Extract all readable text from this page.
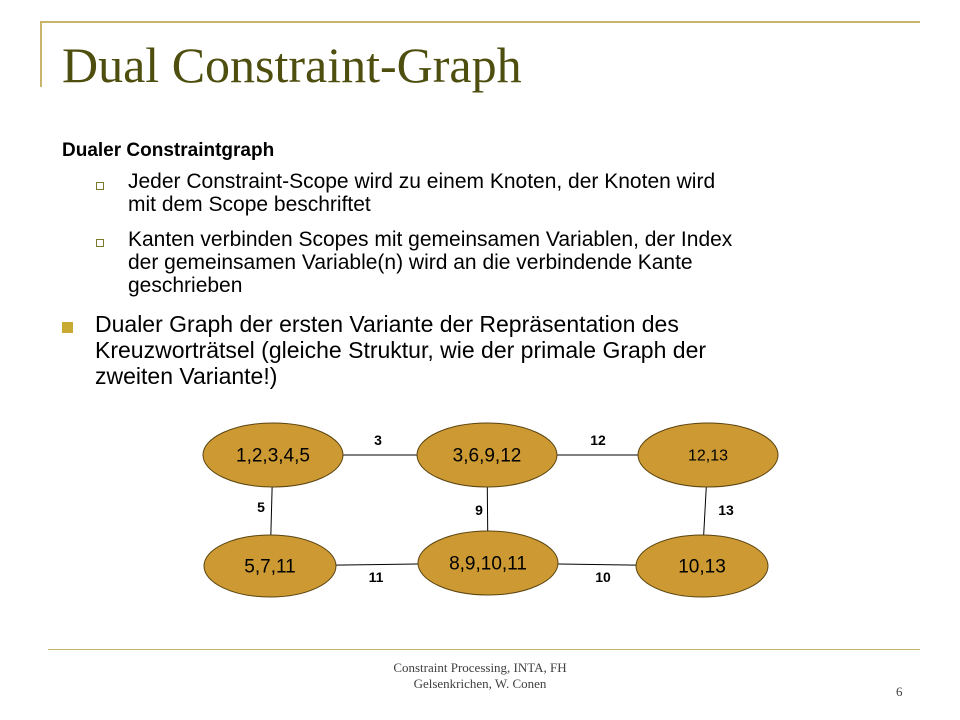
Dual Constraint-Graph
Dualer Constraintgraph
Jeder Constraint-Scope wird zu einem Knoten, der Knoten wird
mit dem Scope beschriftet
Kanten verbinden Scopes mit gemeinsamen Variablen, der Index
der gemeinsamen Variable(n) wird an die verbindende Kante
geschrieben
Dualer Graph der ersten Variante der Repräsentation des
Kreuzworträtsel (gleiche Struktur, wie der primale Graph der
zweiten Variante!)
3	12
5	9	13
11	10
1,2,3,4,5	3,6,9,12	12,13
5,7,11	8,9,10,11	10,13
Constraint Processing, INTA, FH
Gelsenkrichen, W. Conen
6
